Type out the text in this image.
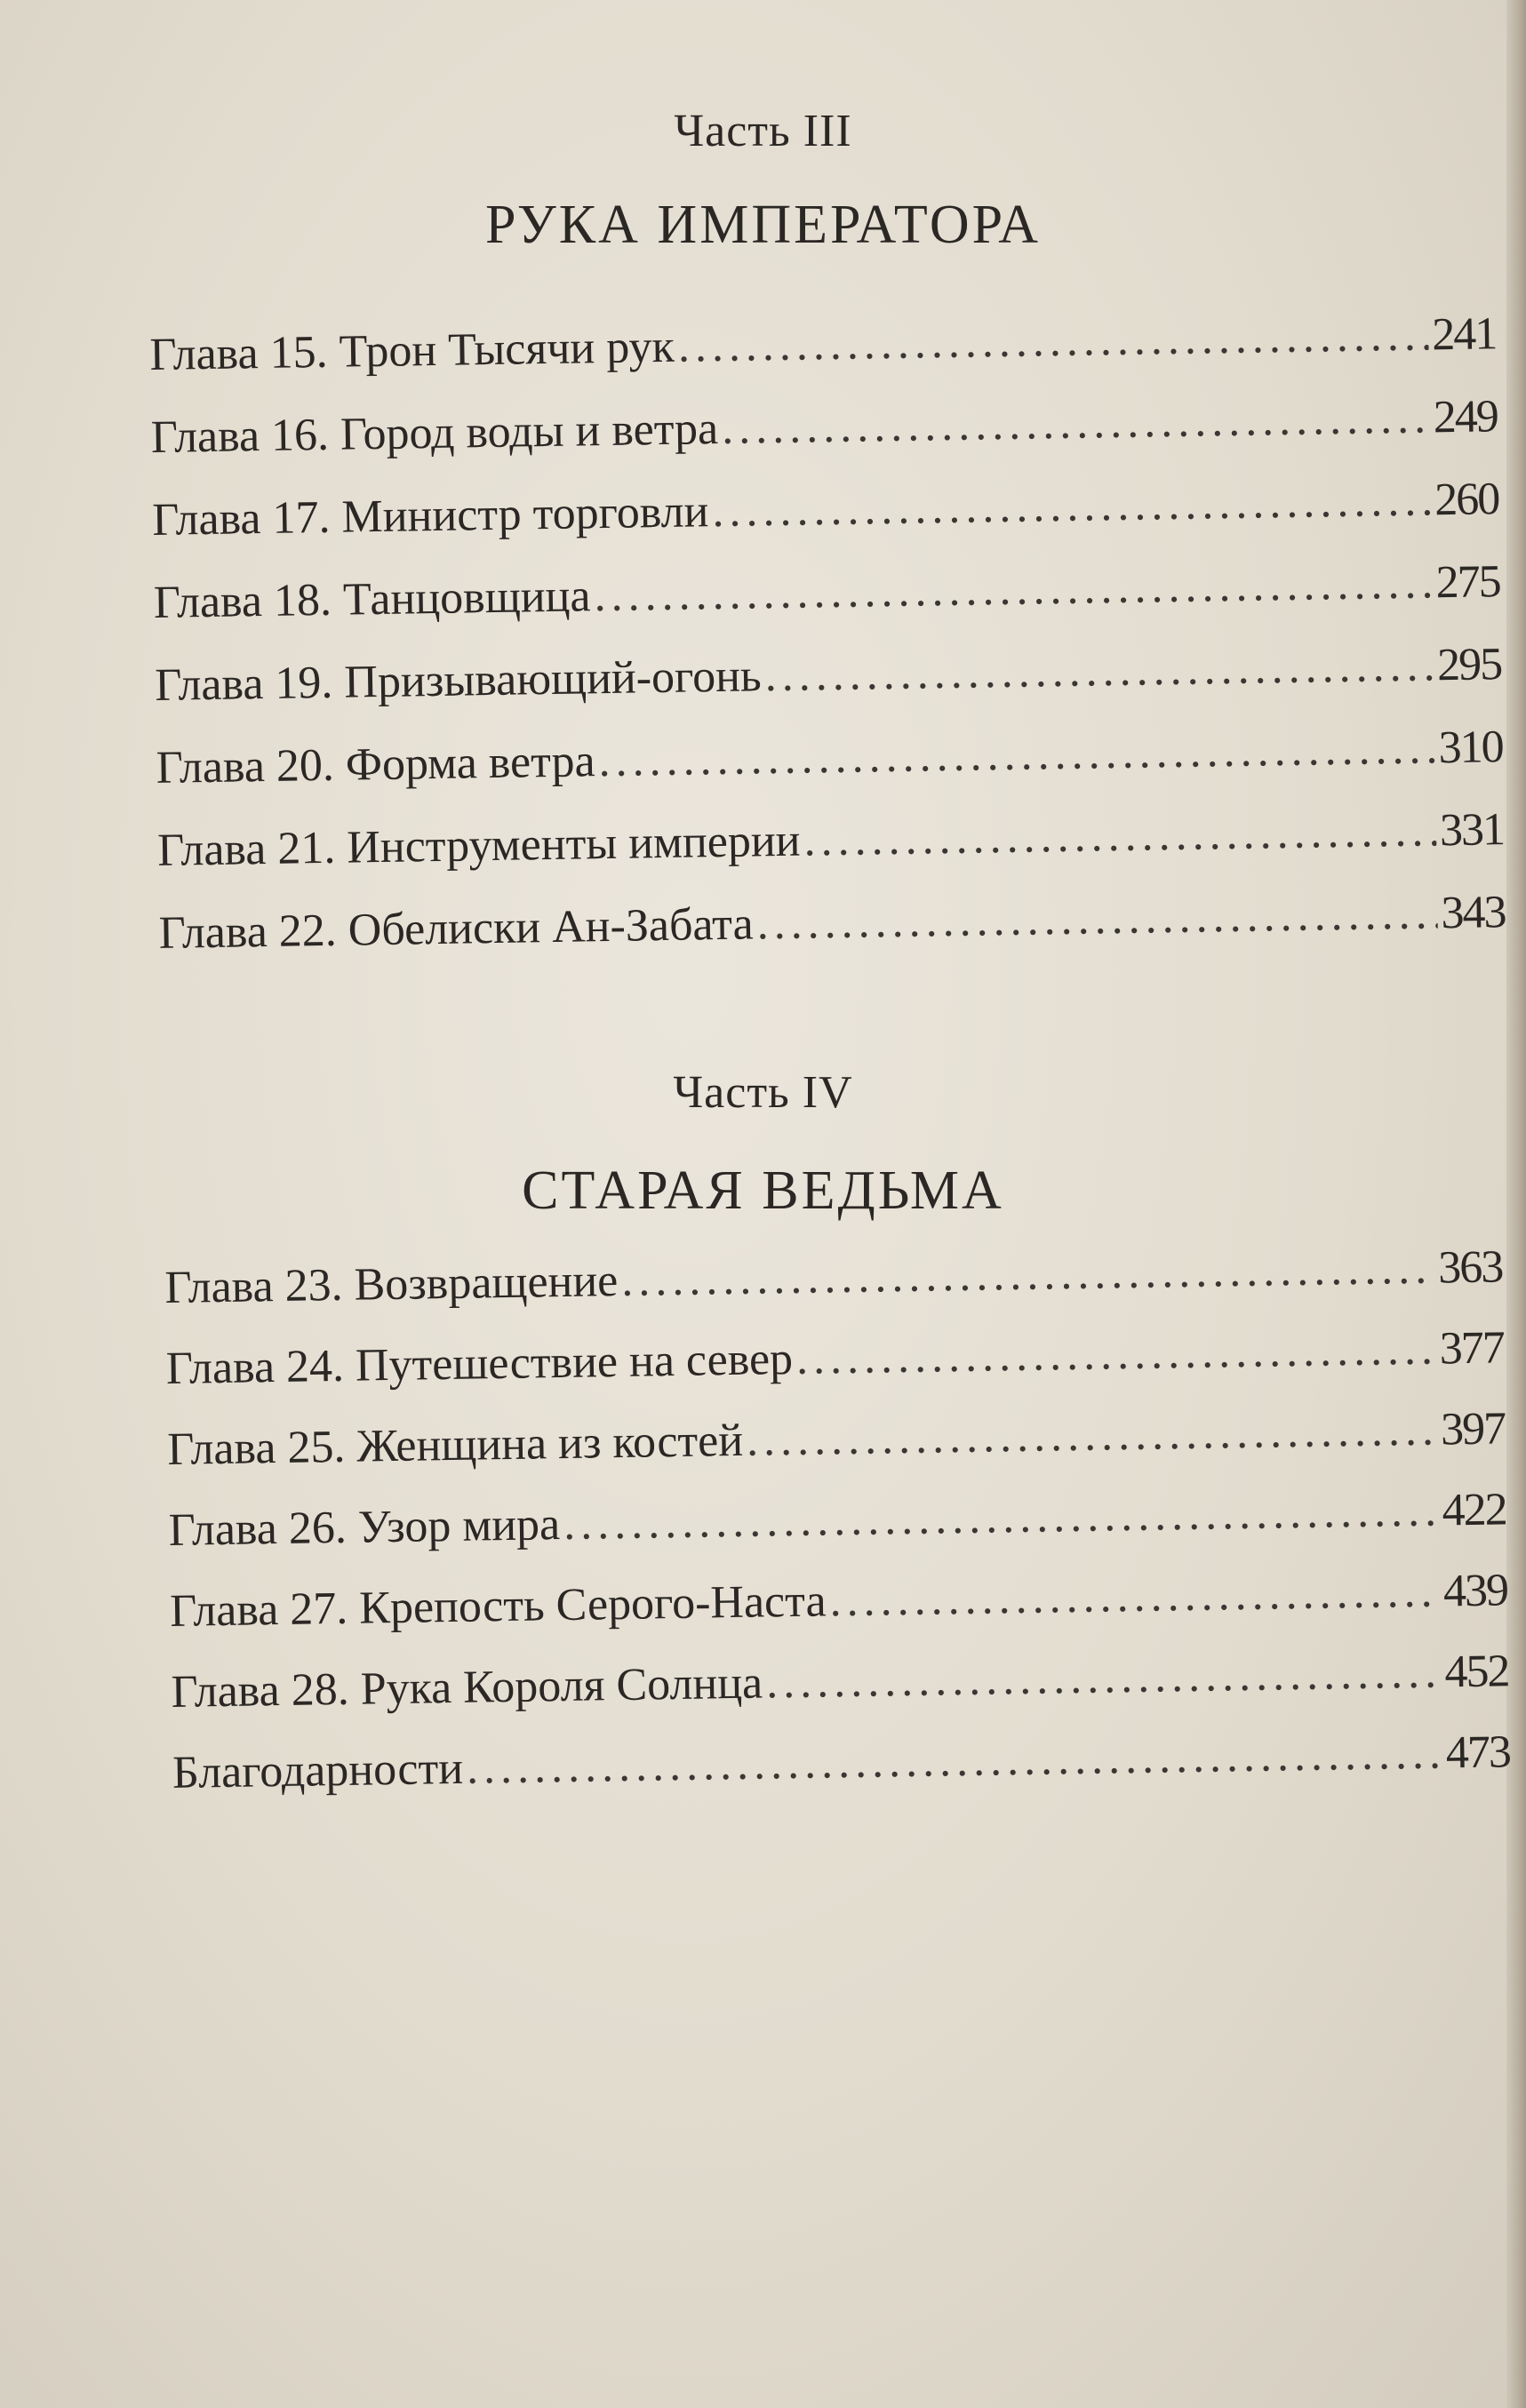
Часть III
РУКА ИМПЕРАТОРА
Глава 15. Трон Тысячи рук .....	241
Глава 16. Город воды и ветра .....	249
Глава 17. Министр торговли .....	260
Глава 18. Танцовщица .....	275
Глава 19. Призывающий-огонь .....	295
Глава 20. Форма ветра .....	310
Глава 21. Инструменты империи .....	331
Глава 22. Обелиски Ан-Забата .....	343
Часть IV
СТАРАЯ ВЕДЬМА
Глава 23. Возвращение .....	363
Глава 24. Путешествие на север .....	377
Глава 25. Женщина из костей .....	397
Глава 26. Узор мира .....	422
Глава 27. Крепость Серого-Наста .....	439
Глава 28. Рука Короля Солнца .....	452
Благодарности .....	473
